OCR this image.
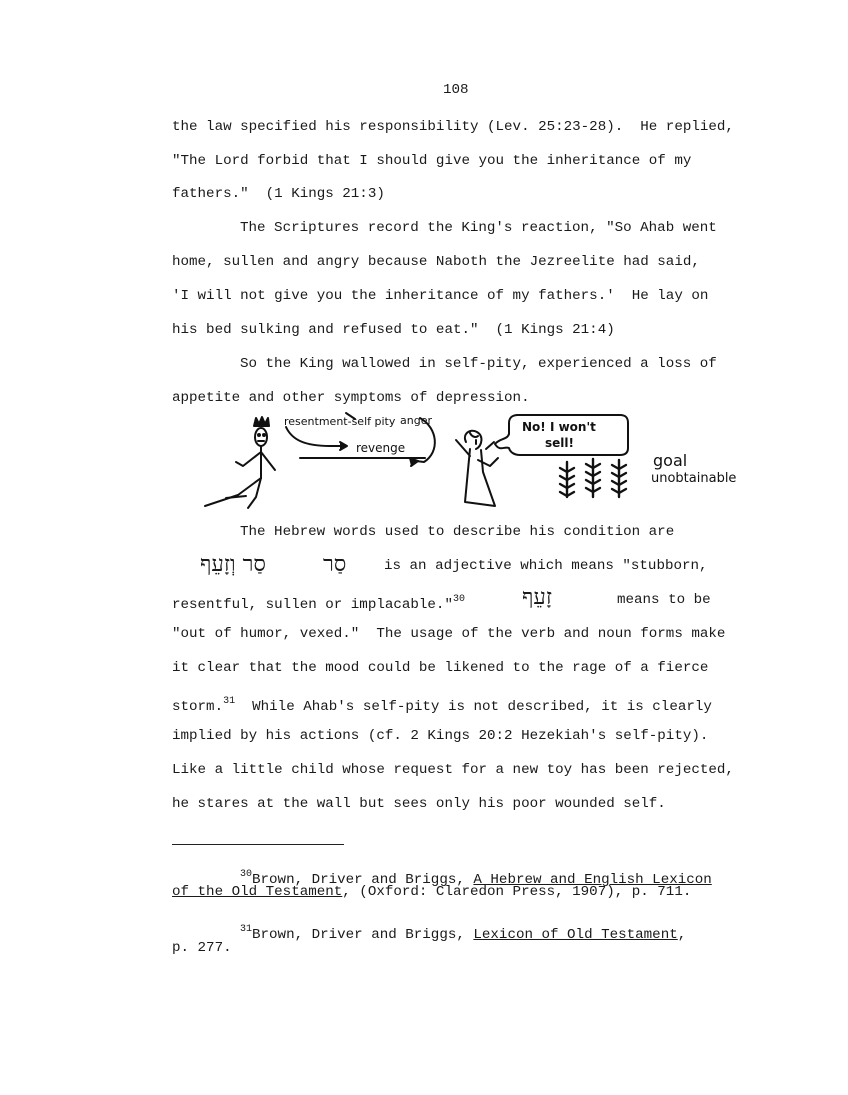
108
the law specified his responsibility (Lev. 25:23-28).  He replied,
"The Lord forbid that I should give you the inheritance of my
fathers."  (1 Kings 21:3)
The Scriptures record the King's reaction, "So Ahab went
home, sullen and angry because Naboth the Jezreelite had said,
'I will not give you the inheritance of my fathers.'  He lay on
his bed sulking and refused to eat."  (1 Kings 21:4)
So the King wallowed in self-pity, experienced a loss of
appetite and other symptoms of depression.
resentment-self pity anger
revenge
No! I won't
sell!
goal
unobtainable
The Hebrew words used to describe his condition are
סַר וְזָעֵף	סַר	is an adjective which means "stubborn,
resentful, sullen or implacable."$^{30}$	זָעֵף	means to be
"out of humor, vexed."  The usage of the verb and noun forms make
it clear that the mood could be likened to the rage of a fierce
storm.$^{31}$  While Ahab's self-pity is not described, it is clearly
implied by his actions (cf. 2 Kings 20:2 Hezekiah's self-pity).
Like a little child whose request for a new toy has been rejected,
he stares at the wall but sees only his poor wounded self.
$^{30}$Brown, Driver and Briggs, A Hebrew and English Lexicon
of the Old Testament, (Oxford: Claredon Press, 1907), p. 711.
$^{31}$Brown, Driver and Briggs, Lexicon of Old Testament,
p. 277.
